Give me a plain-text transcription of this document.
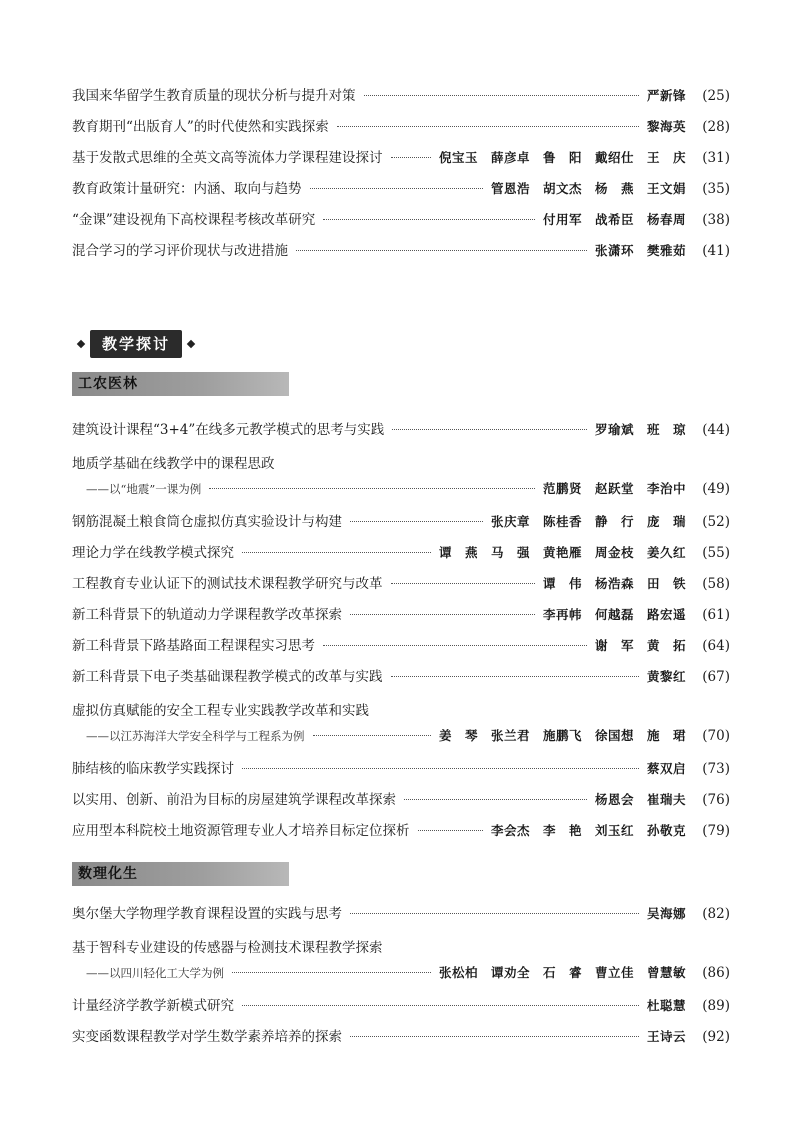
我国来华留学生教育质量的现状分析与提升对策	严新锋	(25)
教育期刊“出版育人”的时代使然和实践探索	黎海英	(28)
基于发散式思维的全英文高等流体力学课程建设探讨	倪宝玉　薛彦卓　鲁　阳　戴绍仕　王　庆	(31)
教育政策计量研究：内涵、取向与趋势	管恩浩　胡文杰　杨　燕　王文娟	(35)
“金课”建设视角下高校课程考核改革研究	付用军　战希臣　杨春周	(38)
混合学习的学习评价现状与改进措施	张潇环　樊雅茹	(41)
教学探讨
工农医林
建筑设计课程“3+4”在线多元教学模式的思考与实践	罗瑜斌　班　琼	(44)
地质学基础在线教学中的课程思政
——以“地震”一课为例	范鹏贤　赵跃堂　李治中	(49)
钢筋混凝土粮食筒仓虚拟仿真实验设计与构建	张庆章　陈桂香　静　行　庞　瑞	(52)
理论力学在线教学模式探究	谭　燕　马　强　黄艳雁　周金枝　姜久红	(55)
工程教育专业认证下的测试技术课程教学研究与改革	谭　伟　杨浩森　田　铁	(58)
新工科背景下的轨道动力学课程教学改革探索	李再帏　何越磊　路宏遥	(61)
新工科背景下路基路面工程课程实习思考	谢　军　黄　拓	(64)
新工科背景下电子类基础课程教学模式的改革与实践	黄黎红	(67)
虚拟仿真赋能的安全工程专业实践教学改革和实践
——以江苏海洋大学安全科学与工程系为例	姜　琴　张兰君　施鹏飞　徐国想　施　珺	(70)
肺结核的临床教学实践探讨	蔡双启	(73)
以实用、创新、前沿为目标的房屋建筑学课程改革探索	杨恩会　崔瑞夫	(76)
应用型本科院校土地资源管理专业人才培养目标定位探析	李会杰　李　艳　刘玉红　孙敬克	(79)
数理化生
奥尔堡大学物理学教育课程设置的实践与思考	吴海娜	(82)
基于智科专业建设的传感器与检测技术课程教学探索
——以四川轻化工大学为例	张松柏　谭劝全　石　睿　曹立佳　曾慧敏	(86)
计量经济学教学新模式研究	杜聪慧	(89)
实变函数课程教学对学生数学素养培养的探索	王诗云	(92)
